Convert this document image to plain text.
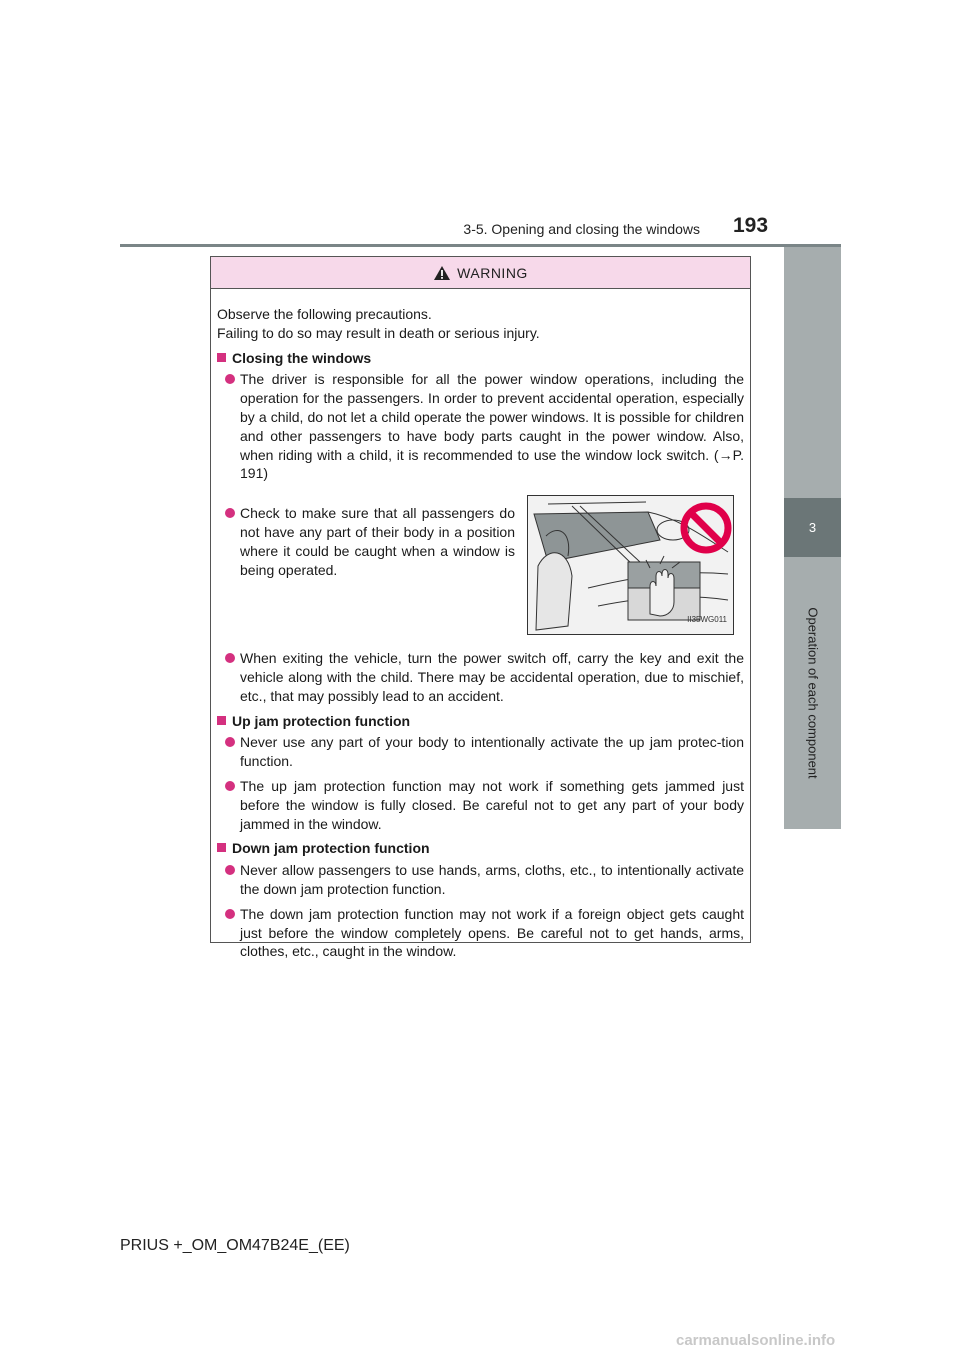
3-5. Opening and closing the windows 193
3
Operation of each component
WARNING

Observe the following precautions.

Failing to do so may result in death or serious injury.

Closing the windows
The driver is responsible for all the power window operations, including the operation for the passengers. In order to prevent accidental operation, especially by a child, do not let a child operate the power windows. It is possible for children and other passengers to have body parts caught in the power window. Also, when riding with a child, it is recommended to use the window lock switch. (→P. 191)
Check to make sure that all passengers do not have any part of their body in a position where it could be caught when a window is being operated.
II35WG011
When exiting the vehicle, turn the power switch off, carry the key and exit the vehicle along with the child. There may be accidental operation, due to mischief, etc., that may possibly lead to an accident.
Up jam protection function
Never use any part of your body to intentionally activate the up jam protec-tion function.
The up jam protection function may not work if something gets jammed just before the window is fully closed. Be careful not to get any part of your body jammed in the window.
Down jam protection function
Never allow passengers to use hands, arms, cloths, etc., to intentionally activate the down jam protection function.
The down jam protection function may not work if a foreign object gets caught just before the window completely opens. Be careful not to get hands, arms, clothes, etc., caught in the window.
PRIUS +_OM_OM47B24E_(EE)
carmanualsonline.info
